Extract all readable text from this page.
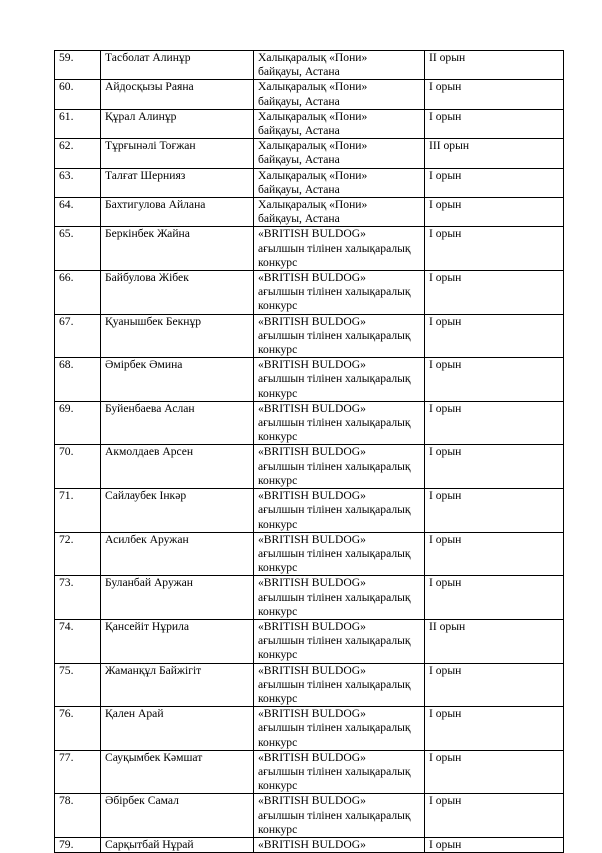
59.	Тасболат Алинұр	Халықаралық «Пони»
байқауы, Астана	II орын
60.	Айдосқызы Раяна	Халықаралық «Пони»
байқауы, Астана	I орын
61.	Құрал Алинұр	Халықаралық «Пони»
байқауы, Астана	I орын
62.	Тұрғынәлі Тоғжан	Халықаралық «Пони»
байқауы, Астана	III орын
63.	Талғат Шернияз	Халықаралық «Пони»
байқауы, Астана	I орын
64.	Бахтигулова Айлана	Халықаралық «Пони»
байқауы, Астана	I орын
65.	Беркінбек Жайна	«BRITISH BULDOG»
ағылшын тілінен халықаралық
конкурс	I орын
66.	Байбулова Жібек	«BRITISH BULDOG»
ағылшын тілінен халықаралық
конкурс	I орын
67.	Қуанышбек Бекнұр	«BRITISH BULDOG»
ағылшын тілінен халықаралық
конкурс	I орын
68.	Әмірбек Әмина	«BRITISH BULDOG»
ағылшын тілінен халықаралық
конкурс	I орын
69.	Буйенбаева Аслан	«BRITISH BULDOG»
ағылшын тілінен халықаралық
конкурс	I орын
70.	Акмолдаев Арсен	«BRITISH BULDOG»
ағылшын тілінен халықаралық
конкурс	I орын
71.	Сайлаубек Інкәр	«BRITISH BULDOG»
ағылшын тілінен халықаралық
конкурс	I орын
72.	Асилбек Аружан	«BRITISH BULDOG»
ағылшын тілінен халықаралық
конкурс	I орын
73.	Буланбай Аружан	«BRITISH BULDOG»
ағылшын тілінен халықаралық
конкурс	I орын
74.	Қансейіт Нұрила	«BRITISH BULDOG»
ағылшын тілінен халықаралық
конкурс	II орын
75.	Жаманқұл Байжігіт	«BRITISH BULDOG»
ағылшын тілінен халықаралық
конкурс	I орын
76.	Қален Арай	«BRITISH BULDOG»
ағылшын тілінен халықаралық
конкурс	I орын
77.	Сауқымбек Кәмшат	«BRITISH BULDOG»
ағылшын тілінен халықаралық
конкурс	I орын
78.	Әбірбек Самал	«BRITISH BULDOG»
ағылшын тілінен халықаралық
конкурс	I орын
79.	Сарқытбай Нұрай	«BRITISH BULDOG»	I орын
